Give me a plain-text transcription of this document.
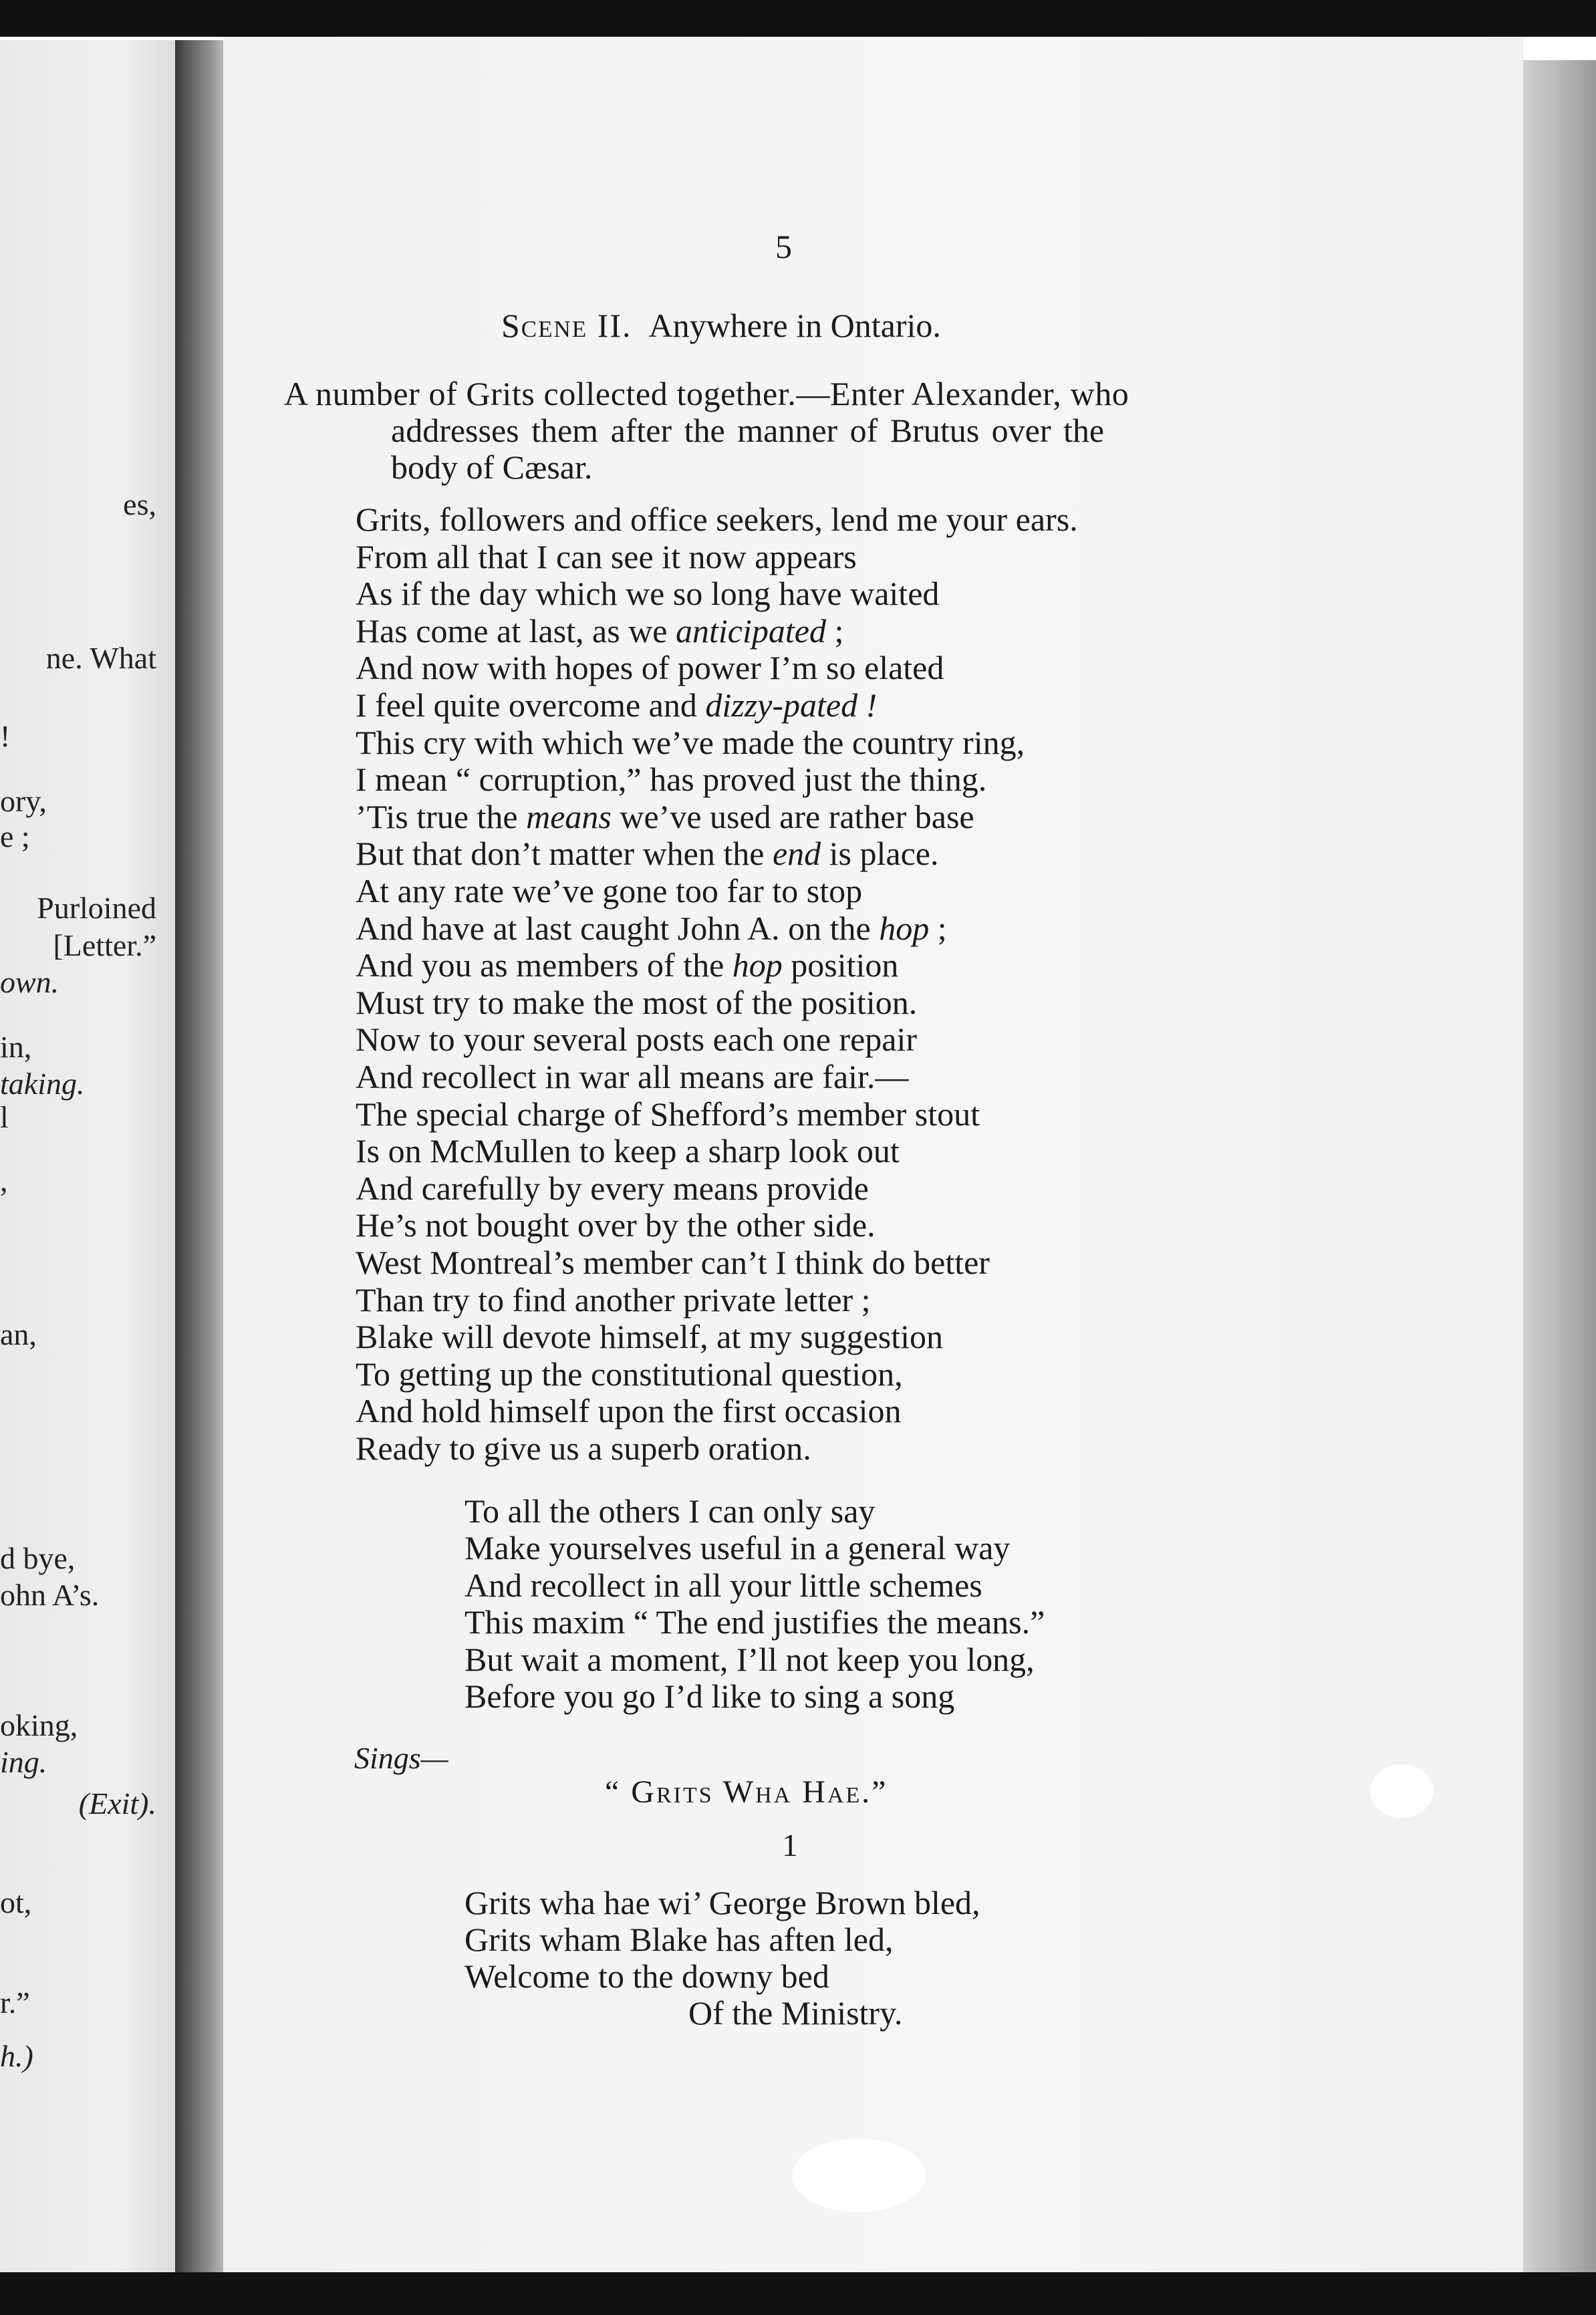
es,
ne. What
!
ory,
e ;
Purloined
[Letter.”
own.
in,
taking.
l
,
an,
d bye,
ohn A’s.
oking,
ing.
(Exit).
ot,
r.”
h.)
5
Scene II. Anywhere in Ontario.
A number of Grits collected together.—Enter Alexander, who
addresses them after the manner of Brutus over the
body of Cæsar.
Grits, followers and office seekers, lend me your ears.
From all that I can see it now appears
As if the day which we so long have waited
Has come at last, as we anticipated ;
And now with hopes of power I’m so elated
I feel quite overcome and dizzy-pated !
This cry with which we’ve made the country ring,
I mean “ corruption,” has proved just the thing.
’Tis true the means we’ve used are rather base
But that don’t matter when the end is place.
At any rate we’ve gone too far to stop
And have at last caught John A. on the hop ;
And you as members of the hop position
Must try to make the most of the position.
Now to your several posts each one repair
And recollect in war all means are fair.—
The special charge of Shefford’s member stout
Is on McMullen to keep a sharp look out
And carefully by every means provide
He’s not bought over by the other side.
West Montreal’s member can’t I think do better
Than try to find another private letter ;
Blake will devote himself, at my suggestion
To getting up the constitutional question,
And hold himself upon the first occasion
Ready to give us a superb oration.
To all the others I can only say
Make yourselves useful in a general way
And recollect in all your little schemes
This maxim “ The end justifies the means.”
But wait a moment, I’ll not keep you long,
Before you go I’d like to sing a song
Sings—
“ Grits Wha Hae.”
1
Grits wha hae wi’ George Brown bled,
Grits wham Blake has aften led,
Welcome to the downy bed
Of the Ministry.
